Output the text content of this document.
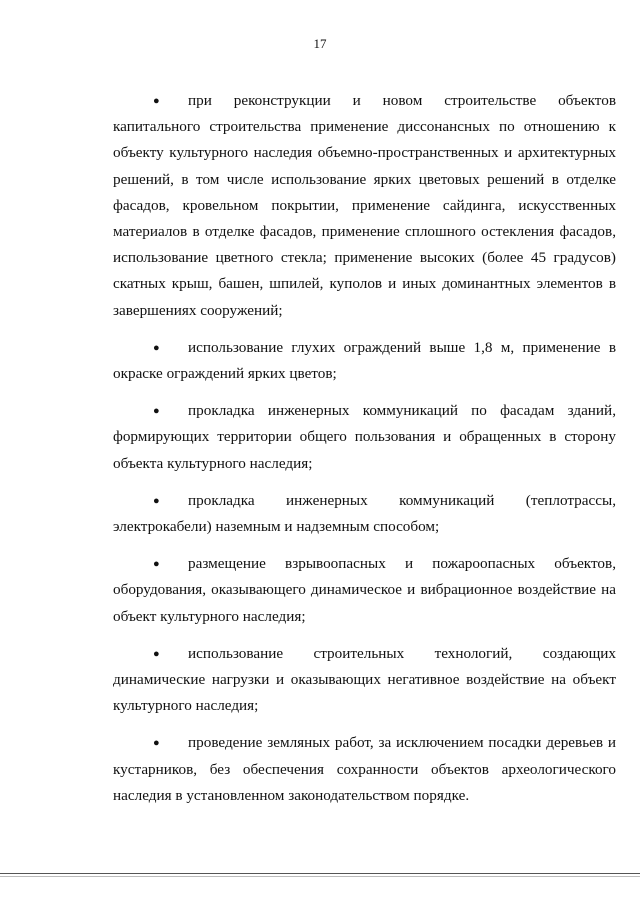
17
● при реконструкции и новом строительстве объектов капитального строительства применение диссонансных по отношению к объекту культурного наследия объемно-пространственных и архитектурных решений, в том числе использование ярких цветовых решений в отделке фасадов, кровельном покрытии, применение сайдинга, искусственных материалов в отделке фасадов, применение сплошного остекления фасадов, использование цветного стекла; применение высоких (более 45 градусов) скатных крыш, башен, шпилей, куполов и иных доминантных элементов в завершениях сооружений;
● использование глухих ограждений выше 1,8 м, применение в окраске ограждений ярких цветов;
● прокладка инженерных коммуникаций по фасадам зданий, формирующих территории общего пользования и обращенных в сторону объекта культурного наследия;
● прокладка инженерных коммуникаций (теплотрассы, электрокабели) наземным и надземным способом;
● размещение взрывоопасных и пожароопасных объектов, оборудования, оказывающего динамическое и вибрационное воздействие на объект культурного наследия;
● использование строительных технологий, создающих динамические нагрузки и оказывающих негативное воздействие на объект культурного наследия;
● проведение земляных работ, за исключением посадки деревьев и кустарников, без обеспечения сохранности объектов археологического наследия в установленном законодательством порядке.
